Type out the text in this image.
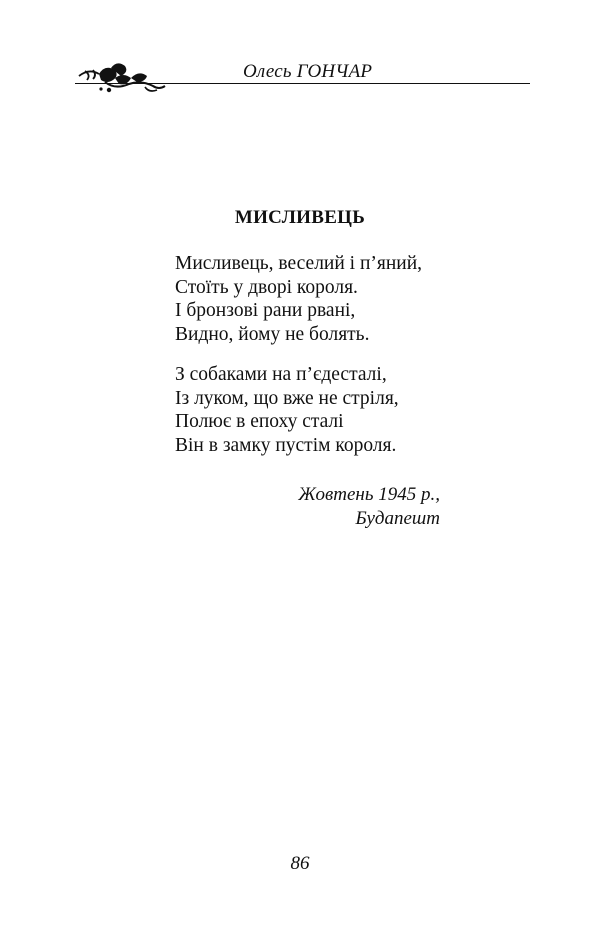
Олесь ГОНЧАР
МИСЛИВЕЦЬ
Мисливець, веселий і п’яний,
Стоїть у дворі короля.
І бронзові рани рвані,
Видно, йому не болять.
З собаками на п’єдесталі,
Із луком, що вже не стріля,
Полює в епоху сталі
Він в замку пустім короля.
Жовтень 1945 р.,
Будапешт
86
